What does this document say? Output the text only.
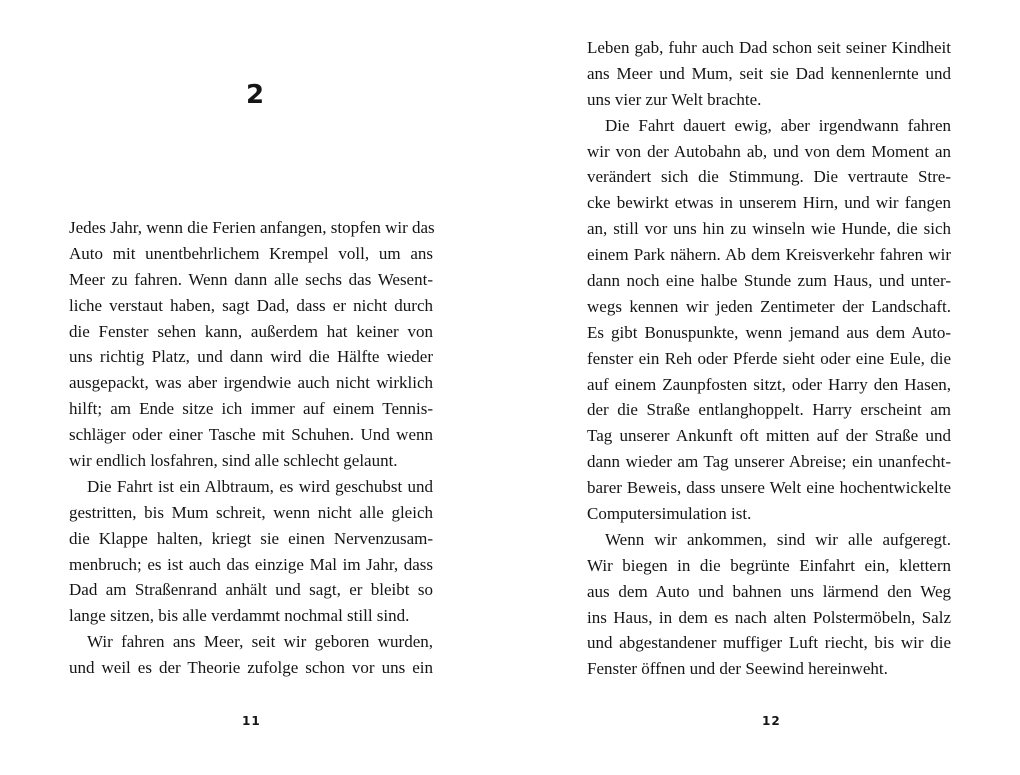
2
Jedes Jahr, wenn die Ferien anfangen, stopfen wir das
Auto mit unentbehrlichem Krempel voll, um ans
Meer zu fahren. Wenn dann alle sechs das Wesent-
liche verstaut haben, sagt Dad, dass er nicht durch
die Fenster sehen kann, außerdem hat keiner von
uns richtig Platz, und dann wird die Hälfte wieder
ausgepackt, was aber irgendwie auch nicht wirklich
hilft; am Ende sitze ich immer auf einem Tennis-
schläger oder einer Tasche mit Schuhen. Und wenn
wir endlich losfahren, sind alle schlecht gelaunt.
Die Fahrt ist ein Albtraum, es wird geschubst und
gestritten, bis Mum schreit, wenn nicht alle gleich
die Klappe halten, kriegt sie einen Nervenzusam-
menbruch; es ist auch das einzige Mal im Jahr, dass
Dad am Straßenrand anhält und sagt, er bleibt so
lange sitzen, bis alle verdammt nochmal still sind.
Wir fahren ans Meer, seit wir geboren wurden,
und weil es der Theorie zufolge schon vor uns ein
11
Leben gab, fuhr auch Dad schon seit seiner Kindheit
ans Meer und Mum, seit sie Dad kennenlernte und
uns vier zur Welt brachte.
Die Fahrt dauert ewig, aber irgendwann fahren
wir von der Autobahn ab, und von dem Moment an
verändert sich die Stimmung. Die vertraute Stre-
cke bewirkt etwas in unserem Hirn, und wir fangen
an, still vor uns hin zu winseln wie Hunde, die sich
einem Park nähern. Ab dem Kreisverkehr fahren wir
dann noch eine halbe Stunde zum Haus, und unter-
wegs kennen wir jeden Zentimeter der Landschaft.
Es gibt Bonuspunkte, wenn jemand aus dem Auto-
fenster ein Reh oder Pferde sieht oder eine Eule, die
auf einem Zaunpfosten sitzt, oder Harry den Hasen,
der die Straße entlanghoppelt. Harry erscheint am
Tag unserer Ankunft oft mitten auf der Straße und
dann wieder am Tag unserer Abreise; ein unanfecht-
barer Beweis, dass unsere Welt eine hochentwickelte
Computersimulation ist.
Wenn wir ankommen, sind wir alle aufgeregt.
Wir biegen in die begrünte Einfahrt ein, klettern
aus dem Auto und bahnen uns lärmend den Weg
ins Haus, in dem es nach alten Polstermöbeln, Salz
und abgestandener muffiger Luft riecht, bis wir die
Fenster öffnen und der Seewind hereinweht.
12
